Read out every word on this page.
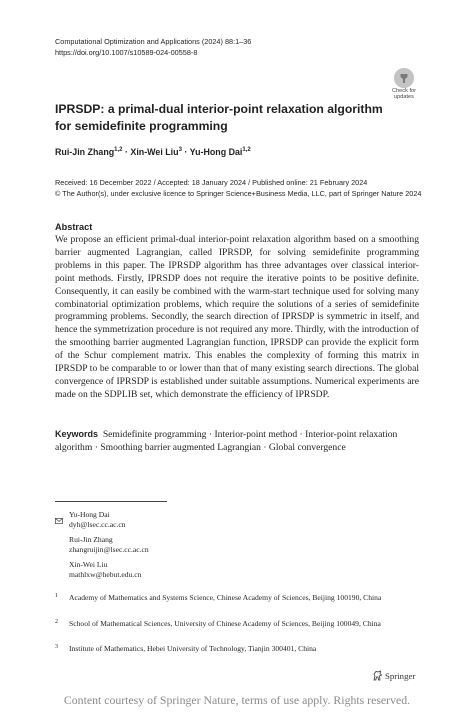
Computational Optimization and Applications (2024) 88:1–36
https://doi.org/10.1007/s10589-024-00558-8
Check for
updates
IPRSDP: a primal-dual interior-point relaxation algorithm for semidefinite programming
Rui-Jin Zhang$^{1,2}$ · Xin-Wei Liu$^3$ · Yu-Hong Dai$^{1,2}$
Received: 16 December 2022 / Accepted: 18 January 2024 / Published online: 21 February 2024
© The Author(s), under exclusive licence to Springer Science+Business Media, LLC, part of Springer Nature 2024
Abstract

We propose an efficient primal-dual interior-point relaxation algorithm based on a smoothing barrier augmented Lagrangian, called IPRSDP, for solving semidefinite programming problems in this paper. The IPRSDP algorithm has three advantages over classical interior-point methods. Firstly, IPRSDP does not require the iterative points to be positive definite. Consequently, it can easily be combined with the warm-start technique used for solving many combinatorial optimization problems, which require the solutions of a series of semidefinite programming problems. Secondly, the search direction of IPRSDP is symmetric in itself, and hence the symmetrization procedure is not required any more. Thirdly, with the introduction of the smoothing barrier augmented Lagrangian function, IPRSDP can provide the explicit form of the Schur complement matrix. This enables the complexity of forming this matrix in IPRSDP to be comparable to or lower than that of many existing search directions. The global convergence of IPRSDP is established under suitable assumptions. Numerical experiments are made on the SDPLIB set, which demonstrate the efficiency of IPRSDP.

Keywords Semidefinite programming · Interior-point method · Interior-point relaxation algorithm · Smoothing barrier augmented Lagrangian · Global convergence

Yu-Hong Dai
dyh@lsec.cc.ac.cn
Rui-Jin Zhang
zhangruijin@lsec.cc.ac.cn
Xin-Wei Liu
mathlxw@hebut.edu.cn
1 Academy of Mathematics and Systems Science, Chinese Academy of Sciences, Beijing 100190, China
2 School of Mathematical Sciences, University of Chinese Academy of Sciences, Beijing 100049, China
3 Institute of Mathematics, Hebei University of Technology, Tianjin 300401, China
Springer
Content courtesy of Springer Nature, terms of use apply. Rights reserved.
